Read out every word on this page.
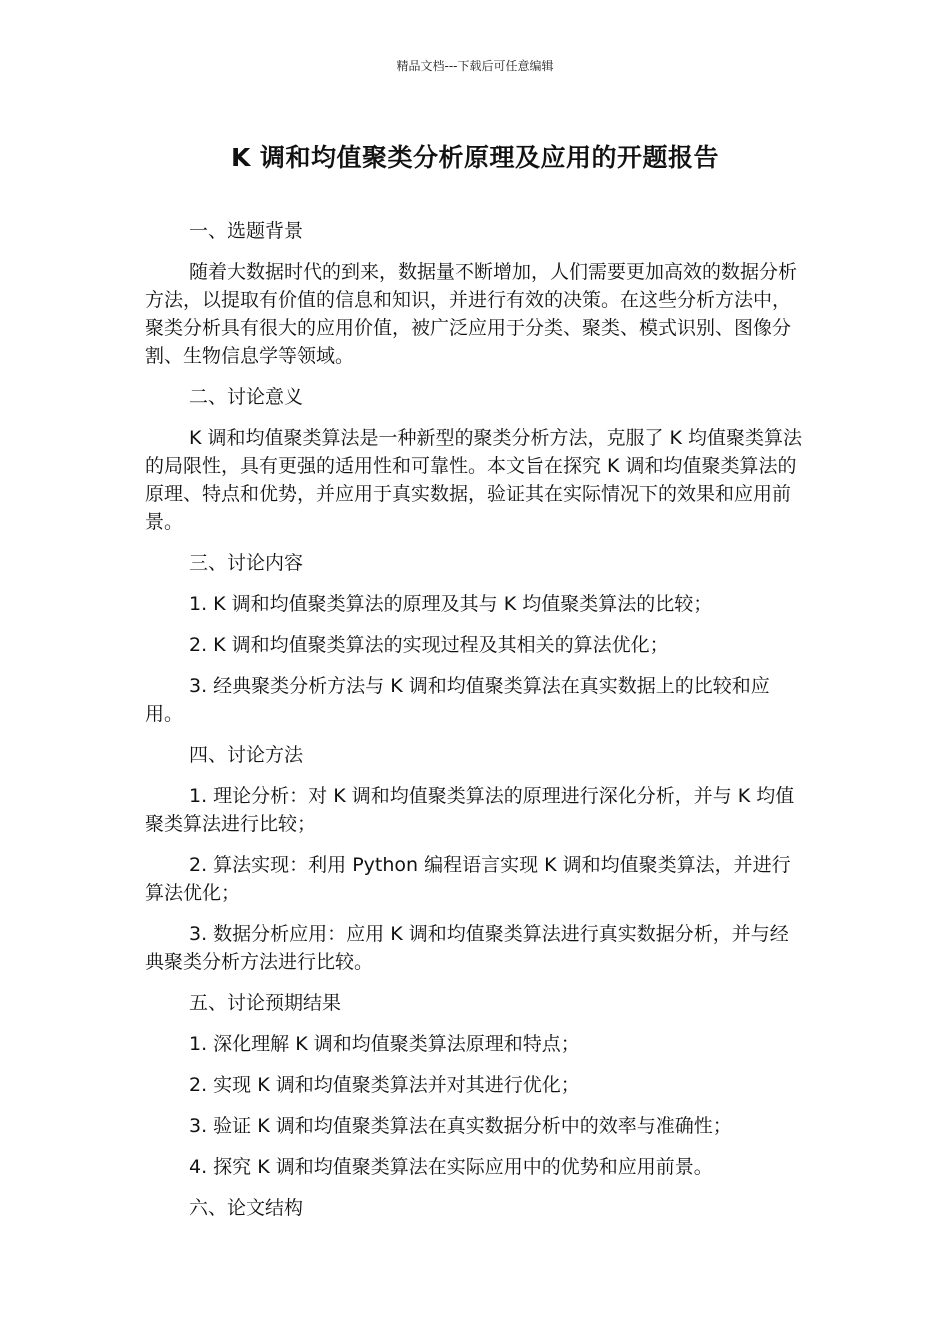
精品文档---下载后可任意编辑
K 调和均值聚类分析原理及应用的开题报告

一、选题背景

随着大数据时代的到来，数据量不断增加，人们需要更加高效的数据分析方法，以提取有价值的信息和知识，并进行有效的决策。在这些分析方法中，聚类分析具有很大的应用价值，被广泛应用于分类、聚类、模式识别、图像分割、生物信息学等领域。

二、讨论意义

K 调和均值聚类算法是一种新型的聚类分析方法，克服了 K 均值聚类算法的局限性，具有更强的适用性和可靠性。本文旨在探究 K 调和均值聚类算法的原理、特点和优势，并应用于真实数据，验证其在实际情况下的效果和应用前景。

三、讨论内容

1. K 调和均值聚类算法的原理及其与 K 均值聚类算法的比较；

2. K 调和均值聚类算法的实现过程及其相关的算法优化；

3. 经典聚类分析方法与 K 调和均值聚类算法在真实数据上的比较和应用。

四、讨论方法

1. 理论分析：对 K 调和均值聚类算法的原理进行深化分析，并与 K 均值聚类算法进行比较；

2. 算法实现：利用 Python 编程语言实现 K 调和均值聚类算法，并进行算法优化；

3. 数据分析应用：应用 K 调和均值聚类算法进行真实数据分析，并与经典聚类分析方法进行比较。

五、讨论预期结果

1. 深化理解 K 调和均值聚类算法原理和特点；

2. 实现 K 调和均值聚类算法并对其进行优化；

3. 验证 K 调和均值聚类算法在真实数据分析中的效率与准确性；

4. 探究 K 调和均值聚类算法在实际应用中的优势和应用前景。

六、论文结构
